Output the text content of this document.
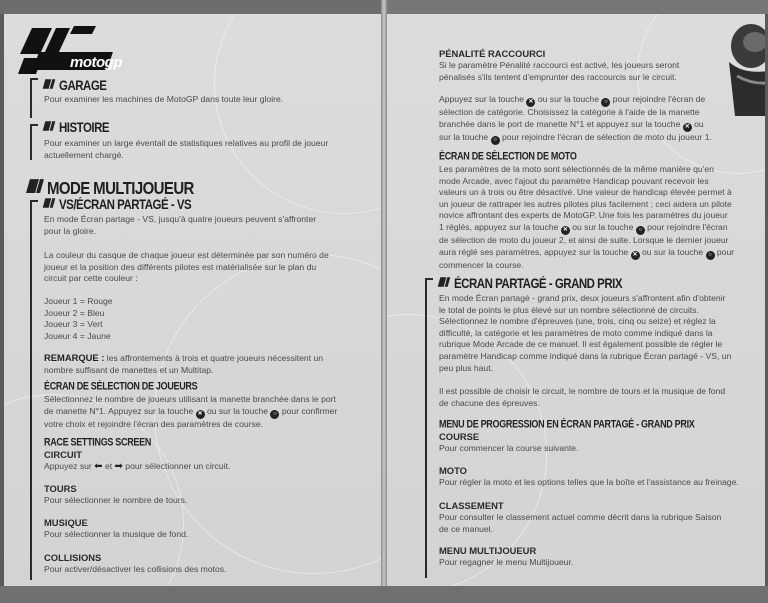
motogp
GARAGE
Pour examiner les machines de MotoGP dans toute leur gloire.
HISTOIRE
Pour examiner un large éventail de statistiques relatives au profil de joueur
actuellement chargé.
MODE MULTIJOUEUR
VS/ÉCRAN PARTAGÉ - VS
En mode Écran partage - VS, jusqu'à quatre joueurs peuvent s'affronter
pour la gloire.
La couleur du casque de chaque joueur est déterminée par son numéro de
joueur et la position des différents pilotes est matérialisée sur le plan du
circuit par cette couleur :
Joueur 1 = Rouge
Joueur 2 = Bleu
Joueur 3 = Vert
Joueur 4 = Jaune
REMARQUE : les affrontements à trois et quatre joueurs nécessitent un
nombre suffisant de manettes et un Multitap.
ÉCRAN DE SÉLECTION DE JOUEURS
Sélectionnez le nombre de joueurs utilisant la manette branchée dans le port
de manette N°1. Appuyez sur la touche ✕ ou sur la touche ○ pour confirmer
votre choix et rejoindre l'écran des paramètres de course.
RACE SETTINGS SCREEN
CIRCUIT
Appuyez sur ⬅ et ➡ pour sélectionner un circuit.
TOURS
Pour sélectionner le nombre de tours.
MUSIQUE
Pour sélectionner la musique de fond.
COLLISIONS
Pour activer/désactiver les collisions des motos.
PÉNALITÉ RACCOURCI
Si le paramètre Pénalité raccourci est activé, les joueurs seront
pénalisés s'ils tentent d'emprunter des raccourcis sur le circuit.
Appuyez sur la touche ✕ ou sur la touche ○ pour rejoindre l'écran de
sélection de catégorie. Choisissez la catégorie à l'aide de la manette
branchée dans le port de manette N°1 et appuyez sur la touche ✕ ou
sur la touche ○ pour rejoindre l'écran de sélection de moto du joueur 1.
ÉCRAN DE SÉLECTION DE MOTO
Les paramètres de la moto sont sélectionnés de la même manière qu'en
mode Arcade, avec l'ajout du paramètre Handicap pouvant recevoir les
valeurs un à trois ou être désactivé. Une valeur de handicap élevée permet à
un joueur de rattraper les autres pilotes plus facilement ; ceci aidera un pilote
novice affrontant des experts de MotoGP. Une fois les paramètres du joueur
1 réglés, appuyez sur la touche ✕ ou sur la touche ○ pour rejoindre l'écran
de sélection de moto du joueur 2, et ainsi de suite. Lorsque le dernier joueur
aura réglé ses paramètres, appuyez sur la touche ✕ ou sur la touche ○ pour
commencer la course.
ÉCRAN PARTAGÉ - GRAND PRIX
En mode Écran partagé - grand prix, deux joueurs s'affrontent afin d'obtenir
le total de points le plus élevé sur un nombre sélectionné de circuits.
Sélectionnez le nombre d'épreuves (une, trois, cinq ou seize) et réglez la
difficulté, la catégorie et les paramètres de moto comme indiqué dans la
rubrique Mode Arcade de ce manuel. Il est également possible de régler le
paramètre Handicap comme indiqué dans la rubrique Écran partagé - VS, un
peu plus haut.
Il est possible de choisir le circuit, le nombre de tours et la musique de fond
de chacune des épreuves.
MENU DE PROGRESSION EN ÉCRAN PARTAGÉ - GRAND PRIX
COURSE
Pour commencer la course suivante.
MOTO
Pour régler la moto et les options telles que la boîte et l'assistance au freinage.
CLASSEMENT
Pour consulter le classement actuel comme décrit dans la rubrique Saison
de ce manuel.
MENU MULTIJOUEUR
Pour regagner le menu Multijoueur.
